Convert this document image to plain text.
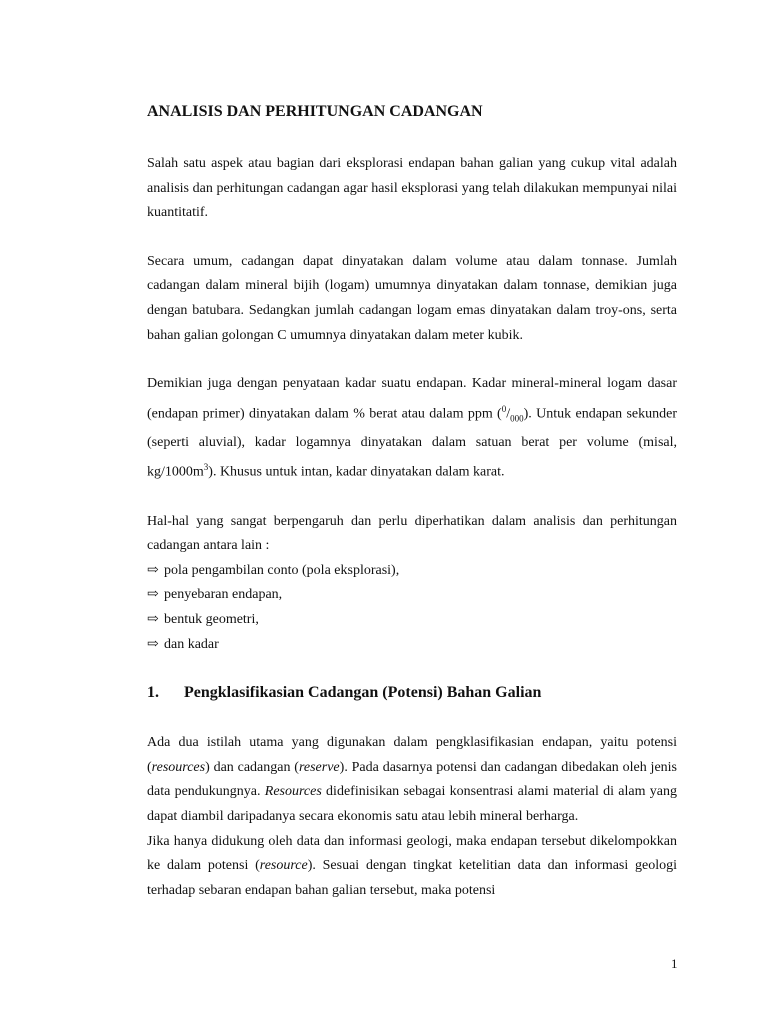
ANALISIS DAN PERHITUNGAN CADANGAN

Salah satu aspek atau bagian dari eksplorasi endapan bahan galian yang cukup vital adalah analisis dan perhitungan cadangan agar hasil eksplorasi yang telah dilakukan mempunyai nilai kuantitatif.

Secara umum, cadangan dapat dinyatakan dalam volume atau dalam tonnase. Jumlah cadangan dalam mineral bijih (logam) umumnya dinyatakan dalam tonnase, demikian juga dengan batubara. Sedangkan jumlah cadangan logam emas dinyatakan dalam troy-ons, serta bahan galian golongan C umumnya dinyatakan dalam meter kubik.

Demikian juga dengan penyataan kadar suatu endapan. Kadar mineral-mineral logam dasar (endapan primer) dinyatakan dalam % berat atau dalam ppm $(^0/_{000})$. Untuk endapan sekunder (seperti aluvial), kadar logamnya dinyatakan dalam satuan berat per volume (misal, $kg/1000m^3$). Khusus untuk intan, kadar dinyatakan dalam karat.

Hal-hal yang sangat berpengaruh dan perlu diperhatikan dalam analisis dan perhitungan cadangan antara lain :

⇨ pola pengambilan conto (pola eksplorasi),
⇨ penyebaran endapan,
⇨ bentuk geometri,
⇨ dan kadar
1. Pengklasifikasian Cadangan (Potensi) Bahan Galian

Ada dua istilah utama yang digunakan dalam pengklasifikasian endapan, yaitu potensi (resources) dan cadangan (reserve). Pada dasarnya potensi dan cadangan dibedakan oleh jenis data pendukungnya. Resources didefinisikan sebagai konsentrasi alami material di alam yang dapat diambil daripadanya secara ekonomis satu atau lebih mineral berharga.

Jika hanya didukung oleh data dan informasi geologi, maka endapan tersebut dikelompokkan ke dalam potensi (resource). Sesuai dengan tingkat ketelitian data dan informasi geologi terhadap sebaran endapan bahan galian tersebut, maka potensi

1
